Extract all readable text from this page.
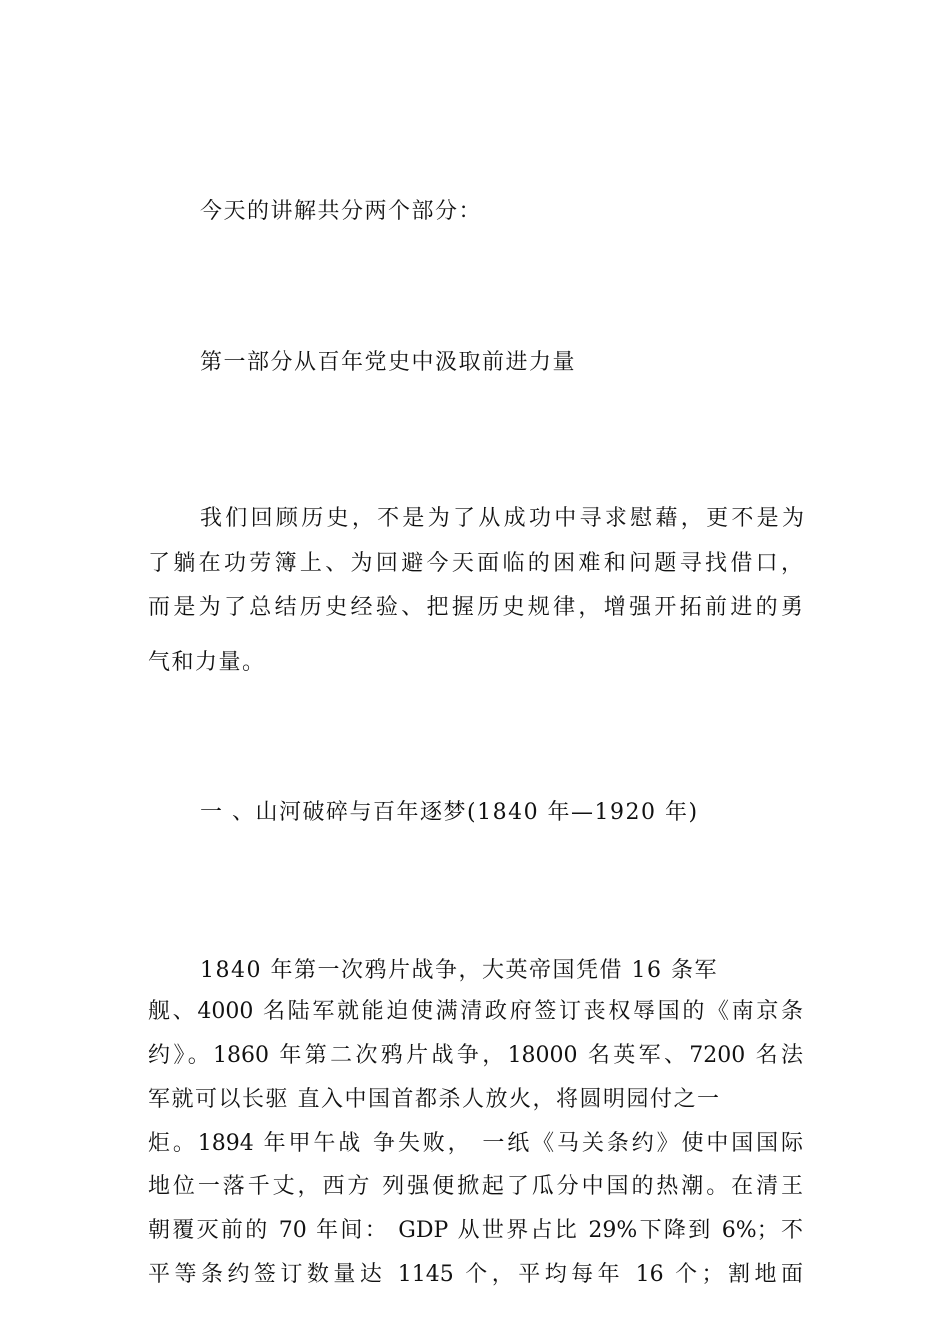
今天的讲解共分两个部分：
第一部分从百年党史中汲取前进力量
我们回顾历史，不是为了从成功中寻求慰藉，更不是为
了躺在功劳簿上、为回避今天面临的困难和问题寻找借口，
而是为了总结历史经验、把握历史规律，增强开拓前进的勇
气和力量。
一 、山河破碎与百年逐梦(1840 年—1920 年)
1840 年第一次鸦片战争，大英帝国凭借 16 条军
舰、4000 名陆军就能迫使满清政府签订丧权辱国的《南京条
约》。1860 年第二次鸦片战争，18000 名英军、7200 名法
军就可以长驱 直入中国首都杀人放火，将圆明园付之一
炬。1894 年甲午战 争失败， 一纸《马关条约》使中国国际
地位一落千丈，西方 列强便掀起了瓜分中国的热潮。在清王
朝覆灭前的 70 年间： GDP 从世界占比 29%下降到 6%；不
平等条约签订数量达 1145 个，平均每年 16 个；割地面
